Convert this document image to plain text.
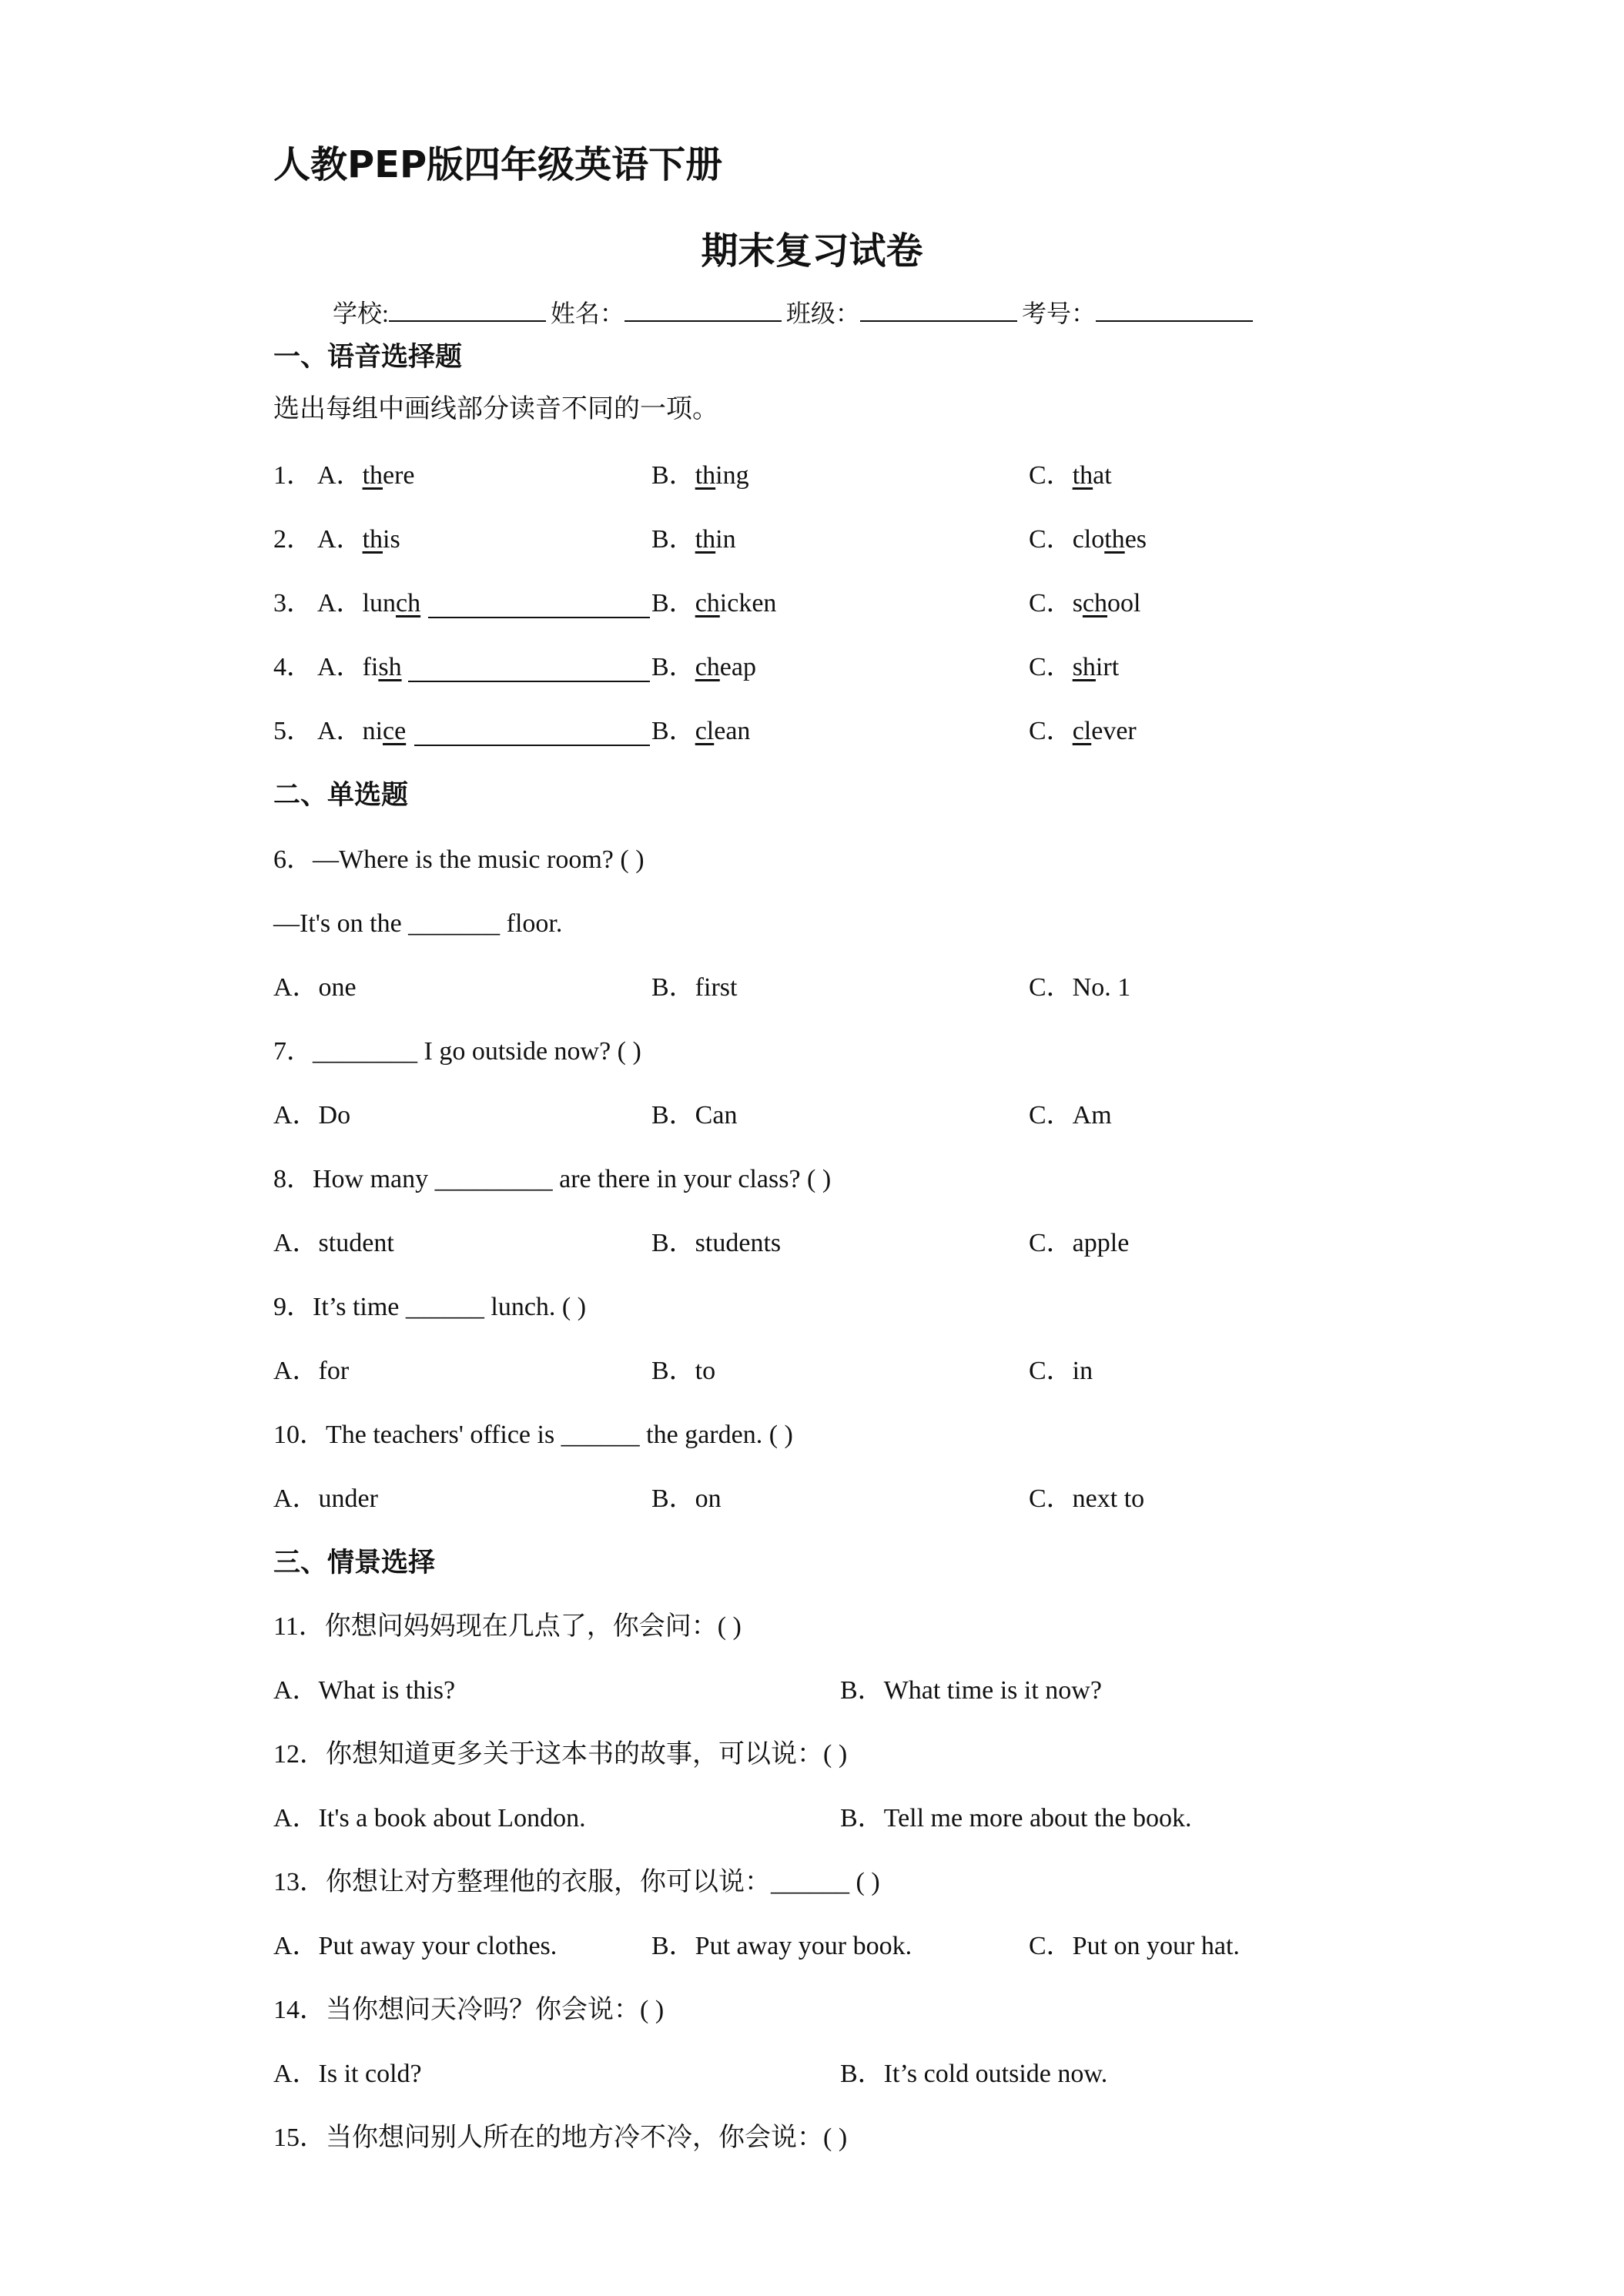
人教PEP版四年级英语下册
期末复习试卷
学校:	姓名：	班级：	考号：
一、语音选择题
选出每组中画线部分读音不同的一项。
1． A．there	B．thing	C．that
2． A．this	B．thin	C．clothes
3． A．lunch	B．chicken	C．school
4． A．fish	B．cheap	C．shirt
5． A．nice	B．clean	C．clever
二、单选题
6．—Where is the music room? ( )
—It's on the _______ floor.
A．one	B．first	C．No. 1
7．________ I go outside now? ( )
A．Do	B．Can	C．Am
8．How many _________ are there in your class? ( )
A．student	B．students	C．apple
9．It’s time ______ lunch. ( )
A．for	B．to	C．in
10．The teachers' office is ______ the garden. ( )
A．under	B．on	C．next to
三、情景选择
11．你想问妈妈现在几点了，你会问：( )
A．What is this?	B．What time is it now?
12．你想知道更多关于这本书的故事，可以说：( )
A．It's a book about London.	B．Tell me more about the book.
13．你想让对方整理他的衣服，你可以说：______ ( )
A．Put away your clothes.	B．Put away your book.	C．Put on your hat.
14．当你想问天冷吗？你会说：( )
A．Is it cold?	B．It’s cold outside now.
15．当你想问别人所在的地方冷不冷，你会说：( )
